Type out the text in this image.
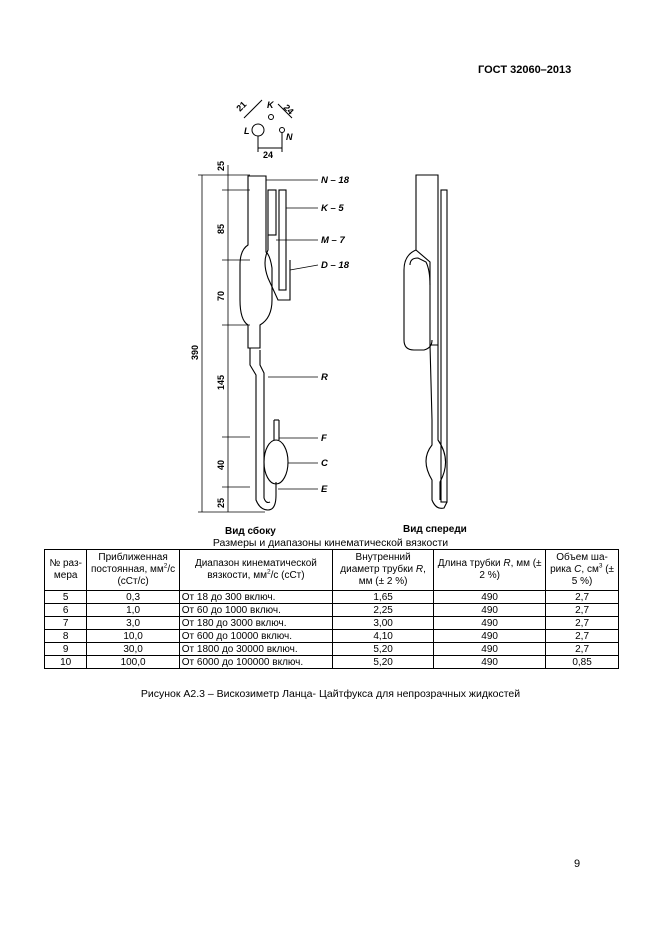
ГОСТ 32060–2013
21	24
24
L
K
N
25
85
70
390
145
40
25
N – 18
K – 5
M – 7
D – 18
R
F
C
E
Вид сбоку	Вид спереди
Размеры и диапазоны кинематической вязкости
№ раз- мера	Приближенная постоянная, $мм^2/с$ (сСт/с)	Диапазон кинематической вязкости, $мм^2/с$ (сСт)	Внутренний диаметр трубки R, мм (± 2 %)	Длина трубки R, мм (± 2 %)	Объем ша- рика С, $см^3$ (± 5 %)
5	0,3	От 18 до 300 включ.	1,65	490	2,7
6	1,0	От 60 до 1000 включ.	2,25	490	2,7
7	3,0	От 180 до 3000 включ.	3,00	490	2,7
8	10,0	От 600 до 10000 включ.	4,10	490	2,7
9	30,0	От 1800 до 30000 включ.	5,20	490	2,7
10	100,0	От 6000 до 100000 включ.	5,20	490	0,85
Рисунок А2.3 – Вискозиметр Ланца- Цайтфукса для непрозрачных жидкостей
9
